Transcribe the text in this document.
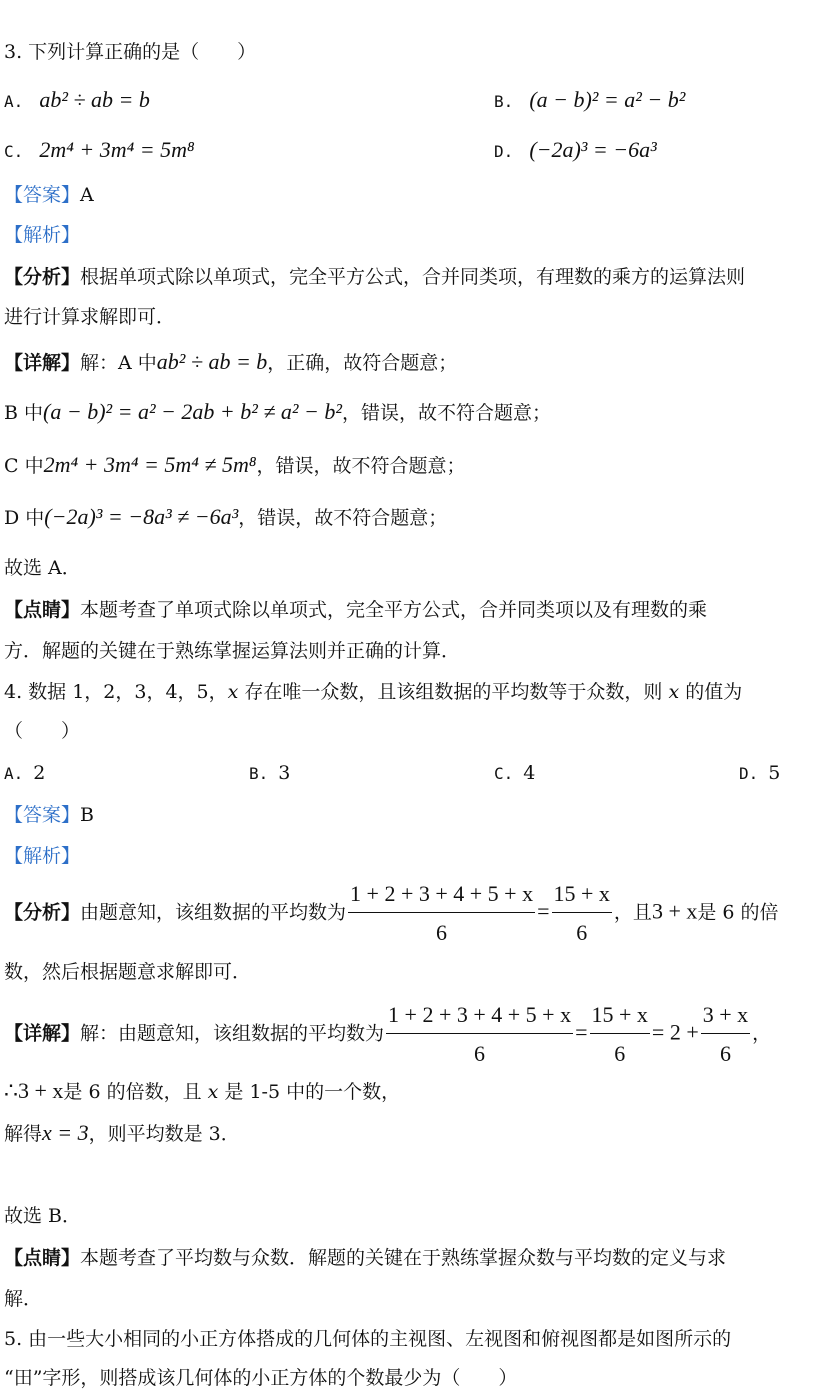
3. 下列计算正确的是（　　）
A. ab² ÷ ab = b	B. (a − b)² = a² − b²
C. 2m⁴ + 3m⁴ = 5m⁸	D. (−2a)³ = −6a³
【答案】A
【解析】
【分析】根据单项式除以单项式，完全平方公式，合并同类项，有理数的乘方的运算法则
进行计算求解即可．
【详解】解：A 中ab² ÷ ab = b，正确，故符合题意；
B 中(a − b)² = a² − 2ab + b² ≠ a² − b²，错误，故不符合题意；
C 中2m⁴ + 3m⁴ = 5m⁴ ≠ 5m⁸，错误，故不符合题意；
D 中(−2a)³ = −8a³ ≠ −6a³，错误，故不符合题意；
故选 A．
【点睛】本题考查了单项式除以单项式，完全平方公式，合并同类项以及有理数的乘
方．解题的关键在于熟练掌握运算法则并正确的计算．
4. 数据 1，2，3，4，5，x 存在唯一众数，且该组数据的平均数等于众数，则 x 的值为
（　　）
A. 2	B. 3	C. 4	D. 5
【答案】B
【解析】
【分析】由题意知，该组数据的平均数为 $\frac{1 + 2 + 3 + 4 + 5 + x}{6} = \frac{15 + x}{6}$ ，且3 + x是 6 的倍
数，然后根据题意求解即可．
【详解】解：由题意知，该组数据的平均数为 $\frac{1 + 2 + 3 + 4 + 5 + x}{6} = \frac{15 + x}{6} = 2 + \frac{3 + x}{6}$ ，
∴3 + x是 6 的倍数，且 x 是 1-5 中的一个数，
解得x = 3，则平均数是 3．
故选 B．
【点睛】本题考查了平均数与众数．解题的关键在于熟练掌握众数与平均数的定义与求
解．
5. 由一些大小相同的小正方体搭成的几何体的主视图、左视图和俯视图都是如图所示的
“田”字形，则搭成该几何体的小正方体的个数最少为（　　）
